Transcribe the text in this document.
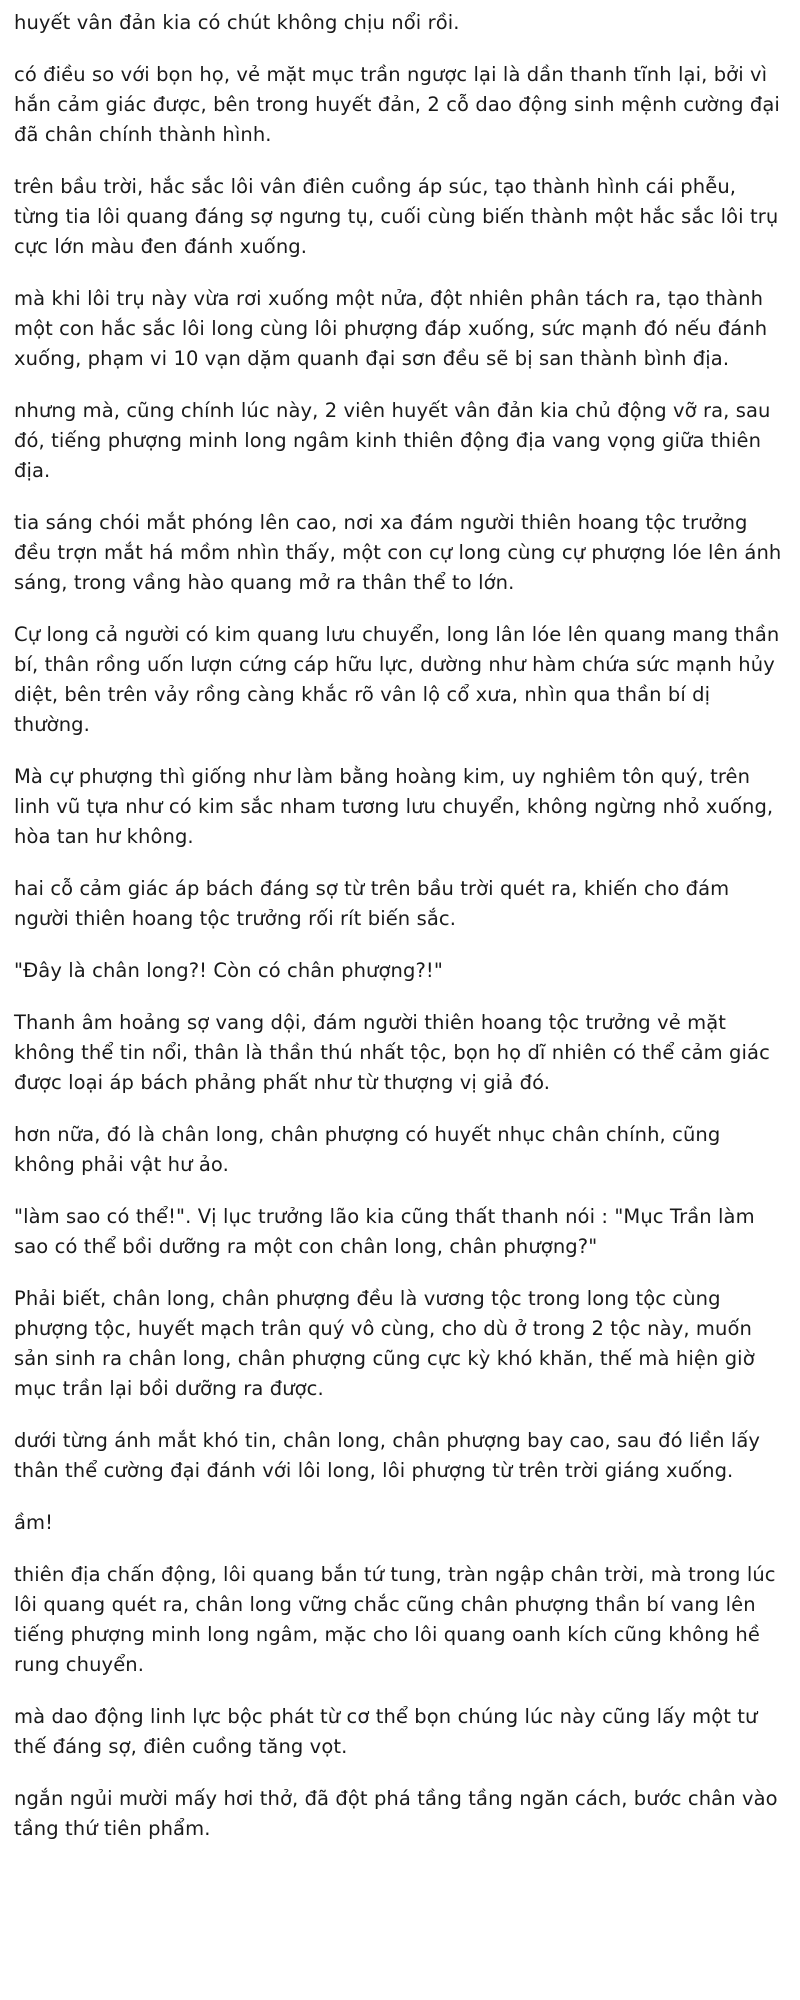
huyết vân đản kia có chút không chịu nổi rồi.

có điều so với bọn họ, vẻ mặt mục trần ngược lại là dần thanh tĩnh lại, bởi vì hắn cảm giác được, bên trong huyết đản, 2 cỗ dao động sinh mệnh cường đại đã chân chính thành hình.

trên bầu trời, hắc sắc lôi vân điên cuồng áp súc, tạo thành hình cái phễu, từng tia lôi quang đáng sợ ngưng tụ, cuối cùng biến thành một hắc sắc lôi trụ cực lớn màu đen đánh xuống.

mà khi lôi trụ này vừa rơi xuống một nửa, đột nhiên phân tách ra, tạo thành một con hắc sắc lôi long cùng lôi phượng đáp xuống, sức mạnh đó nếu đánh xuống, phạm vi 10 vạn dặm quanh đại sơn đều sẽ bị san thành bình địa.

nhưng mà, cũng chính lúc này, 2 viên huyết vân đản kia chủ động vỡ ra, sau đó, tiếng phượng minh long ngâm kinh thiên động địa vang vọng giữa thiên địa.

tia sáng chói mắt phóng lên cao, nơi xa đám người thiên hoang tộc trưởng đều trợn mắt há mồm nhìn thấy, một con cự long cùng cự phượng lóe lên ánh sáng, trong vầng hào quang mở ra thân thể to lớn.

Cự long cả người có kim quang lưu chuyển, long lân lóe lên quang mang thần bí, thân rồng uốn lượn cứng cáp hữu lực, dường như hàm chứa sức mạnh hủy diệt, bên trên vảy rồng càng khắc rõ vân lộ cổ xưa, nhìn qua thần bí dị thường.

Mà cự phượng thì giống như làm bằng hoàng kim, uy nghiêm tôn quý, trên linh vũ tựa như có kim sắc nham tương lưu chuyển, không ngừng nhỏ xuống, hòa tan hư không.

hai cỗ cảm giác áp bách đáng sợ từ trên bầu trời quét ra, khiến cho đám người thiên hoang tộc trưởng rối rít biến sắc.

"Đây là chân long?! Còn có chân phượng?!"

Thanh âm hoảng sợ vang dội, đám người thiên hoang tộc trưởng vẻ mặt không thể tin nổi, thân là thần thú nhất tộc, bọn họ dĩ nhiên có thể cảm giác được loại áp bách phảng phất như từ thượng vị giả đó.

hơn nữa, đó là chân long, chân phượng có huyết nhục chân chính, cũng không phải vật hư ảo.

"làm sao có thể!". Vị lục trưởng lão kia cũng thất thanh nói : "Mục Trần làm sao có thể bồi dưỡng ra một con chân long, chân phượng?"

Phải biết, chân long, chân phượng đều là vương tộc trong long tộc cùng phượng tộc, huyết mạch trân quý vô cùng, cho dù ở trong 2 tộc này, muốn sản sinh ra chân long, chân phượng cũng cực kỳ khó khăn, thế mà hiện giờ mục trần lại bồi dưỡng ra được.

dưới từng ánh mắt khó tin, chân long, chân phượng bay cao, sau đó liền lấy thân thể cường đại đánh với lôi long, lôi phượng từ trên trời giáng xuống.

ầm!

thiên địa chấn động, lôi quang bắn tứ tung, tràn ngập chân trời, mà trong lúc lôi quang quét ra, chân long vững chắc cũng chân phượng thần bí vang lên tiếng phượng minh long ngâm, mặc cho lôi quang oanh kích cũng không hề rung chuyển.

mà dao động linh lực bộc phát từ cơ thể bọn chúng lúc này cũng lấy một tư thế đáng sợ, điên cuồng tăng vọt.

ngắn ngủi mười mấy hơi thở, đã đột phá tầng tầng ngăn cách, bước chân vào tầng thứ tiên phẩm.
